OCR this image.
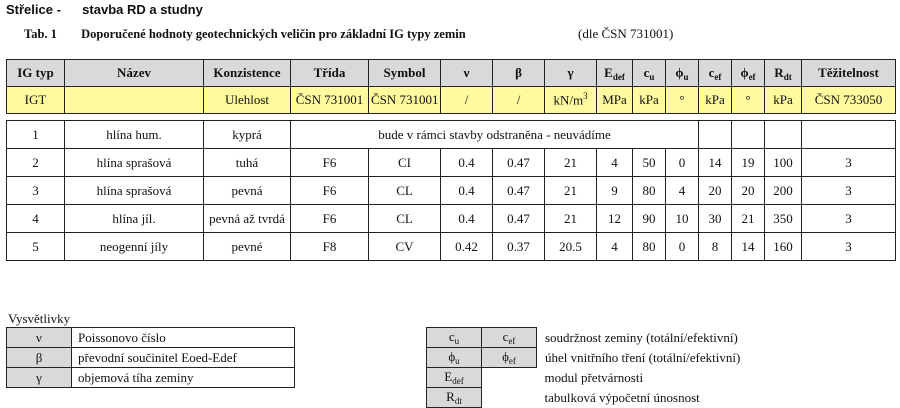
Střelice - stavba RD a studny
Tab. 1 Doporučené hodnoty geotechnických veličin pro základní IG typy zemin	(dle ČSN 731001)
IG typ	Název	Konzistence	Třída	Symbol	ν	β	γ	$E_{def}$	$c_u$	$\phi_u$	$c_{ef}$	$\phi_{ef}$	$R_{dt}$	Těžitelnost
IGT		Ulehlost	ČSN 731001	ČSN 731001	/	/	$kN/m^3$	MPa	kPa	°	kPa	°	kPa	ČSN 733050

1	hlína hum.	kyprá	bude v rámci stavby odstraněna - neuvádíme											
2	hlína sprašová	tuhá	F6	CI	0.4	0.47	21	4	50	0	14	19	100	3
3	hlína sprašová	pevná	F6	CL	0.4	0.47	21	9	80	4	20	20	200	3
4	hlína jíl.	pevná až tvrdá	F6	CL	0.4	0.47	21	12	90	10	30	21	350	3
5	neogenní jíly	pevné	F8	CV	0.42	0.37	20.5	4	80	0	8	14	160	3
Vysvětlivky
ν	Poissonovo číslo
β	převodní součinitel Eoed-Edef
γ	objemová tíha zeminy
$c_u$	$c_{ef}$	soudržnost zeminy (totální/efektivní)
$\phi_u$	$\phi_{ef}$	úhel vnitřního tření (totální/efektivní)
$E_{def}$		modul přetvárnosti
$R_{dt}$		tabulková výpočetní únosnost
